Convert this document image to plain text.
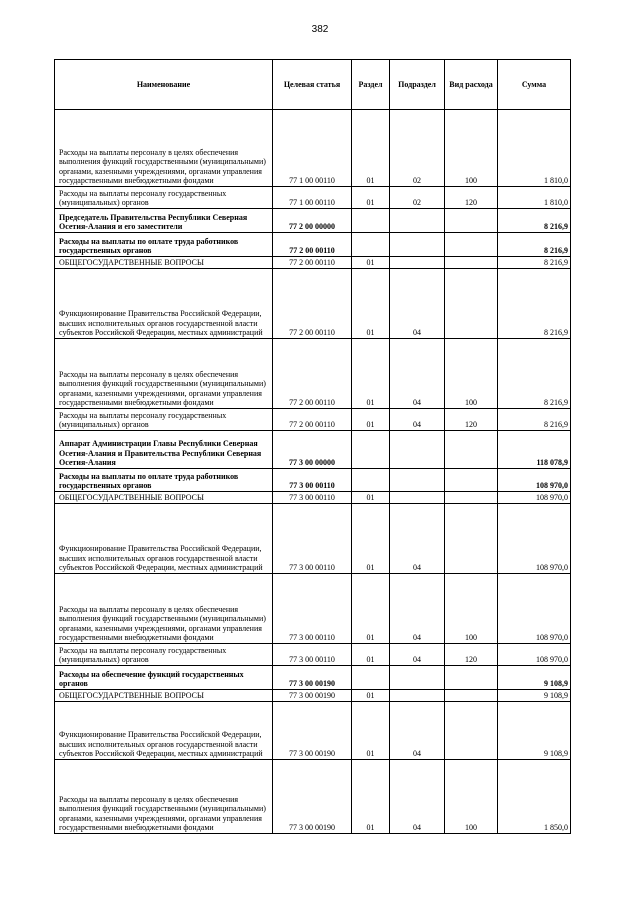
382
Наименование	Целевая статья	Раздел	Подраздел	Вид расхода	Сумма
Расходы на выплаты персоналу в целях обеспечения выполнения функций государственными (муниципальными) органами, казенными учреждениями, органами управления государственными внебюджетными фондами	77 1 00 00110	01	02	100	1 810,0
Расходы на выплаты персоналу государственных (муниципальных) органов	77 1 00 00110	01	02	120	1 810,0
Председатель Правительства Республики Северная Осетия-Алания и его заместители	77 2 00 00000				8 216,9
Расходы на выплаты по оплате труда работников государственных органов	77 2 00 00110				8 216,9
ОБЩЕГОСУДАРСТВЕННЫЕ ВОПРОСЫ	77 2 00 00110	01			8 216,9
Функционирование Правительства Российской Федерации, высших исполнительных органов государственной власти субъектов Российской Федерации, местных администраций	77 2 00 00110	01	04		8 216,9
Расходы на выплаты персоналу в целях обеспечения выполнения функций государственными (муниципальными) органами, казенными учреждениями, органами управления государственными внебюджетными фондами	77 2 00 00110	01	04	100	8 216,9
Расходы на выплаты персоналу государственных (муниципальных) органов	77 2 00 00110	01	04	120	8 216,9
Аппарат Администрации Главы Республики Северная Осетия-Алания и Правительства Республики Северная Осетия-Алания	77 3 00 00000				118 078,9
Расходы на выплаты по оплате труда работников государственных органов	77 3 00 00110				108 970,0
ОБЩЕГОСУДАРСТВЕННЫЕ ВОПРОСЫ	77 3 00 00110	01			108 970,0
Функционирование Правительства Российской Федерации, высших исполнительных органов государственной власти субъектов Российской Федерации, местных администраций	77 3 00 00110	01	04		108 970,0
Расходы на выплаты персоналу в целях обеспечения выполнения функций государственными (муниципальными) органами, казенными учреждениями, органами управления государственными внебюджетными фондами	77 3 00 00110	01	04	100	108 970,0
Расходы на выплаты персоналу государственных (муниципальных) органов	77 3 00 00110	01	04	120	108 970,0
Расходы на обеспечение функций государственных органов	77 3 00 00190				9 108,9
ОБЩЕГОСУДАРСТВЕННЫЕ ВОПРОСЫ	77 3 00 00190	01			9 108,9
Функционирование Правительства Российской Федерации, высших исполнительных органов государственной власти субъектов Российской Федерации, местных администраций	77 3 00 00190	01	04		9 108,9
Расходы на выплаты персоналу в целях обеспечения выполнения функций государственными (муниципальными) органами, казенными учреждениями, органами управления государственными внебюджетными фондами	77 3 00 00190	01	04	100	1 850,0
